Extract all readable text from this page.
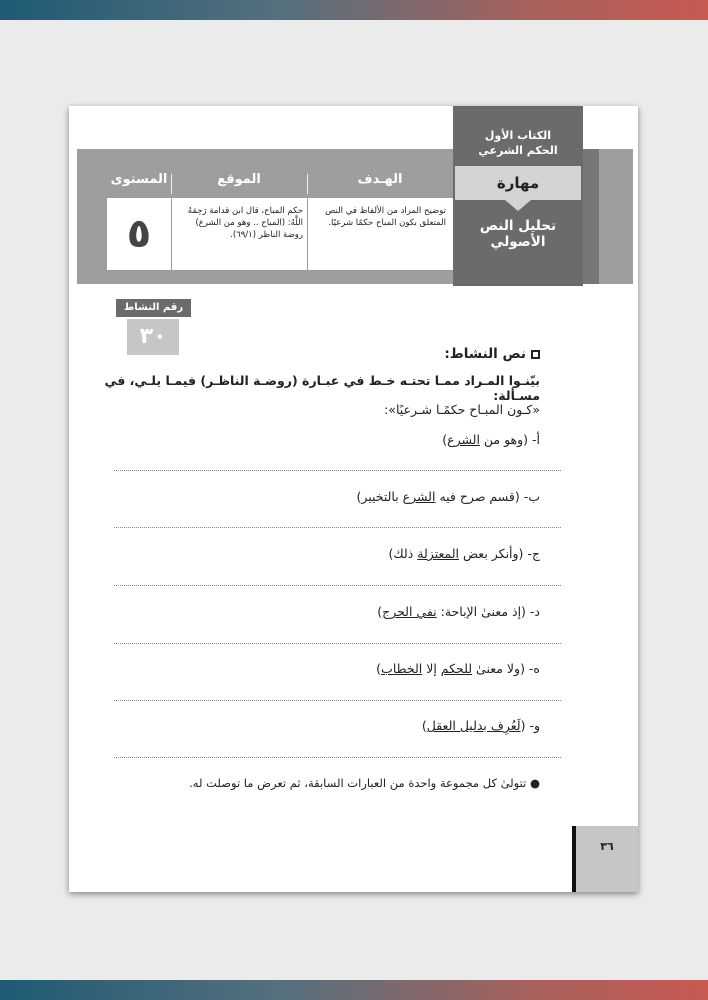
الكتاب الأول
الحكم الشرعي
مهارة
تحليل النص الأصولي
الهـدف
الموقع
المستوى
توضيح المراد من الألفاظ في النص المتعلق بكون المباح حكمًا شرعيًا.
حكم المباح، قال ابن قدامة رَحِمَهُ اللَّهُ: (المباح .. وهو من الشرع) روضة الناظر (٦٩/١).
٥
رقم النشاط
٣٠
نص النشاط:
بيّنـوا المـراد ممـا تحتـه خـط في عبـارة (روضـة الناظـر) فيمـا يلـي، في مسـألة:
«كـون المبـاح حكمًـا شـرعيًا»:
أ- (وهو من الشرع)
ب- (قسم صرح فيه الشرع بالتخيير)
ج- (وأنكر بعض المعتزلة ذلك)
د- (إذ معنىٰ الإباحة: نفي الحرج)
ه- (ولا معنىٰ للحكم إلا الخطاب)
و- (لَعُرِف بدليل العقل)
● تتولىٰ كل مجموعة واحدة من العبارات السابقة، ثم تعرض ما توصلت له.
٣٦
